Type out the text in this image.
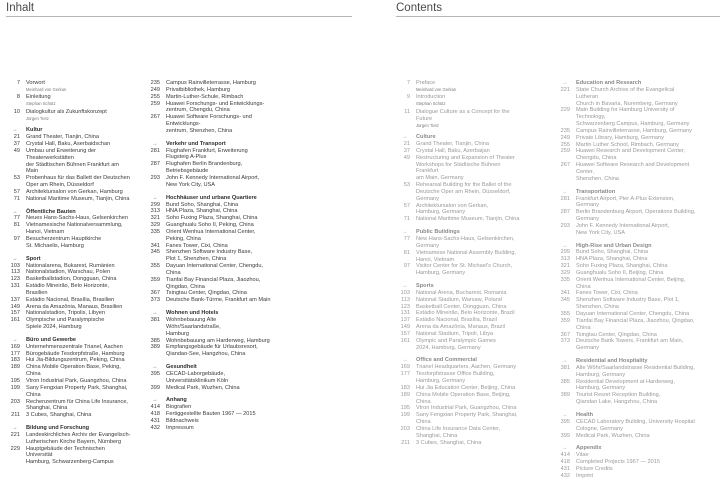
Inhalt
7	Vorwort
Meinhard von Gerkan
8	Einleitung
Stephan Schütz
10	Dialogkultur als Zukunftskonzept
Jürgen Tietz
→	Kultur
21	Grand Theater, Tianjin, China
37	Crystal Hall, Baku, Aserbaidschan
49	Umbau und Erweiterung der Theaterwerkstätten
der Städtischen Bühnen Frankfurt am Main
53	Probenhaus für das Ballett der Deutschen
Oper am Rhein, Düsseldorf
57	Architektursalon von Gerkan, Hamburg
71	National Maritime Museum, Tianjin, China
→	Öffentliche Bauten
77	Neues Hans-Sachs-Haus, Gelsenkirchen
81	Vietnamesische Nationalversammlung,
Hanoi, Vietnam
97	Besucherzentrum Hauptkirche
St. Michaelis, Hamburg
→	Sport
103	Nationalarena, Bukarest, Rumänien
113	Nationalstadion, Warschau, Polen
123	Basketballstadion, Dongguan, China
131	Estádio Mineirão, Belo Horizonte, Brasilien
137	Estádio Nacional, Brasília, Brasilien
149	Arena da Amazônia, Manaus, Brasilien
157	Nationalstadion, Tripolis, Libyen
161	Olympische und Paralympische
Spiele 2024, Hamburg
→	Büro und Gewerbe
169	Unternehmenszentrale Trianel, Aachen
177	Bürogebäude Tesdorpfstraße, Hamburg
183	Hui Jia-Bildungszentrum, Peking, China
189	China Mobile Operation Base, Peking, China
195	Vtron Industrial Park, Guangzhou, China
199	Sany Fengxian Property Park, Shanghai, China
203	Rechenzentrum für China Life Insurance,
Shanghai, China
211	3 Cubes, Shanghai, China
→	Bildung und Forschung
221	Landeskirchliches Archiv der Evangelisch-
Lutherischen Kirche Bayern, Nürnberg
229	Hauptgebäude der Technischen Universität
Hamburg, Schwarzenberg-Campus
235	Campus Rainvilleterrasse, Hamburg
249	Privatbibliothek, Hamburg
255	Martin-Luther-Schule, Rimbach
259	Huawei Forschungs- und Entwicklungs-
zentrum, Chengdu, China
267	Huawei Software Forschungs- und Entwicklungs-
zentrum, Shenzhen, China
→	Verkehr und Transport
281	Flughafen Frankfurt, Erweiterung Flugsteig A-Plus
287	Flughafen Berlin Brandenburg, Betriebsgebäude
293	John F. Kennedy International Airport,
New York City, USA
→	Hochhäuser und urbane Quartiere
299	Bund Soho, Shanghai, China
313	HNA Plaza, Shanghai, China
321	Soho Fuxing Plaza, Shanghai, China
329	Guanghualu Soho II, Peking, China
335	Orient Wenhua International Center, Peking, China
341	Fanes Tower, Cixi, China
345	Shenzhen Software Industry Base,
Plot 1, Shenzhen, China
355	Dayuan International Center, Chengdu, China
359	Tianfai Bay Financial Plaza, Jiaozhou,
Qingdao, China
367	Tsingtau Center, Qingdao, China
373	Deutsche Bank-Türme, Frankfurt am Main
→	Wohnen und Hotels
381	Wohnbebauung Alte Wöhr/Saarlandstraße,
Hamburg
385	Wohnbebauung am Harderweg, Hamburg
389	Empfangsgebäude für Urlaubsresort,
Qiandao-See, Hangzhou, China
→	Gesundheit
395	CECAD-Laborgebäude,
Universitätsklinikum Köln
399	Medical Park, Wuzhen, China
→	Anhang
414	Biografien
418	Fertiggestellte Bauten 1967 — 2015
431	Bildnachweis
432	Impressum
Contents
7	Preface
Meinhard von Gerkan
9	Introduction
Stephan Schütz
11	Dialogue Culture as a Concept for the Future
Jürgen Tietz
→	Culture
21	Grand Theater, Tianjin, China
37	Crystal Hall, Baku, Azerbaijan
49	Restructuring and Expansion of Theater
Workshops for Städtische Bühnen Frankfurt
am Main, Germany
53	Rehearsal Building for the Ballet of the
Deutsche Oper am Rhein, Düsseldorf, Germany
57	Architektursalon von Gerkan,
Hamburg, Germany
71	National Maritime Museum, Tianjin, China
→	Public Buildings
77	New Hans-Sachs-Haus, Gelsenkirchen, Germany
81	Vietnamese National Assembly Building,
Hanoi, Vietnam
97	Visitor Center for St. Michael's Church,
Hamburg, Germany
→	Sports
103	National Arena, Bucharest, Romania
113	National Stadium, Warsaw, Poland
123	Basketball Center, Dongguan, China
131	Estádio Mineirão, Belo Horizonte, Brazil
137	Estádio Nacional, Brasília, Brazil
149	Arena da Amazônia, Manaus, Brazil
157	National Stadium, Tripoli, Libya
161	Olympic and Paralympic Games
2024, Hamburg, Germany
→	Office and Commercial
169	Trianel Headquarters, Aachen, Germany
177	Tesdorpfstrasse Office Building,
Hamburg, Germany
183	Hui Jia Education Center, Beijing, China
189	China Mobile Operation Base, Beijing, China
195	Vtron Industrial Park, Guangzhou, China
199	Sany Fengxian Property Park, Shanghai, China
203	China Life Insurance Data Center,
Shanghai, China
211	3 Cubes, Shanghai, China
→	Education and Research
221	State Church Archive of the Evangelical Lutheran
Church in Bavaria, Nuremberg, Germany
229	Main Building for Hamburg University of Technology,
Schwarzenberg Campus, Hamburg, Germany
235	Campus Rainvilleterrasse, Hamburg, Germany
249	Private Library, Hamburg, Germany
255	Martin Luther School, Rimbach, Germany
259	Huawei Research and Development Center,
Chengdu, China
267	Huawei Software Research and Development Center,
Shenzhen, China
→	Transportation
281	Frankfurt Airport, Pier A-Plus Extension, Germany
287	Berlin Brandenburg Airport, Operations Building,
Germany
293	John F. Kennedy International Airport,
New York City, USA
→	High-Rise and Urban Design
299	Bund Soho, Shanghai, China
313	HNA Plaza, Shanghai, China
321	Soho Fuxing Plaza, Shanghai, China
329	Guanghualu Soho II, Beijing, China
335	Orient Wenhua International Center, Beijing, China
341	Fanes Tower, Cixi, China
345	Shenzhen Software Industry Base, Plot 1,
Shenzhen, China
355	Dayuan International Center, Chengdu, China
359	Tianfai Bay Financial Plaza, Jiaozhou, Qingdao, China
367	Tsingtau Center, Qingdao, China
373	Deutsche Bank Towers, Frankfurt am Main, Germany
→	Residential and Hospitality
381	Alte Wöhr/Saarlandstrasse Residential Building,
Hamburg, Germany
385	Residential Development at Harderweg,
Hamburg, Germany
389	Tourist Resort Reception Building,
Qiandao Lake, Hangzhou, China
→	Health
395	CECAD Laboratory Building, University Hospital
Cologne, Germany
399	Medical Park, Wuzhen, China
→	Appendix
414	Vitae
418	Completed Projects 1967 — 2015
431	Picture Credits
432	Imprint
